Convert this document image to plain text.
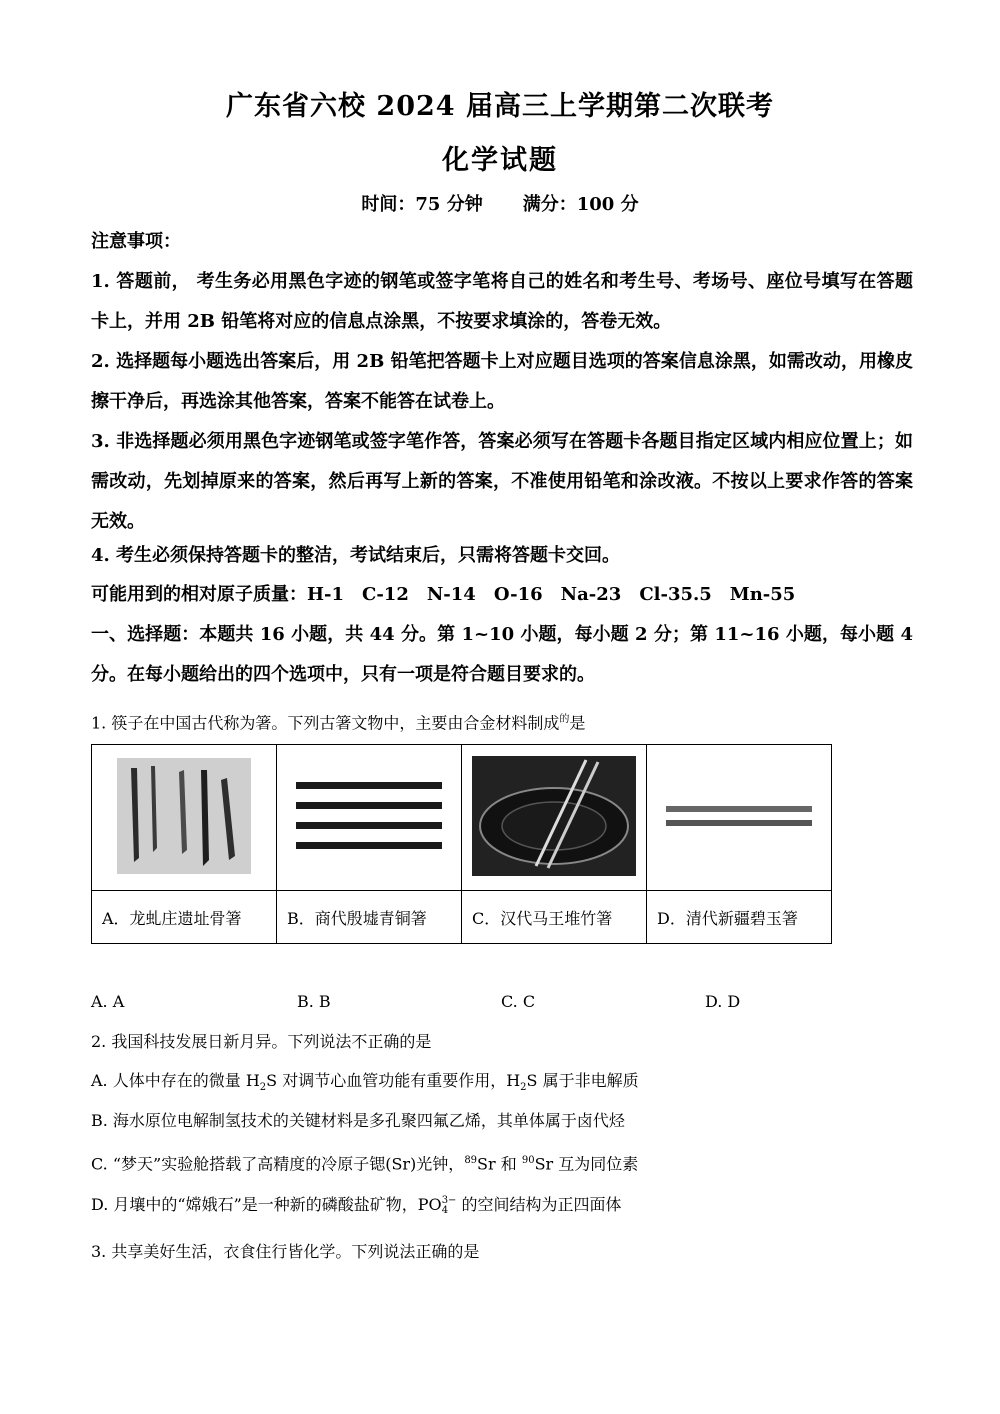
广东省六校 2024 届高三上学期第二次联考
化学试题
时间：75 分钟 满分：100 分
注意事项：
1. 答题前， 考生务必用黑色字迹的钢笔或签字笔将自己的姓名和考生号、考场号、座位号填写在答题卡上，并用 2B 铅笔将对应的信息点涂黑，不按要求填涂的，答卷无效。
2. 选择题每小题选出答案后，用 2B 铅笔把答题卡上对应题目选项的答案信息涂黑，如需改动，用橡皮擦干净后，再选涂其他答案，答案不能答在试卷上。
3. 非选择题必须用黑色字迹钢笔或签字笔作答，答案必须写在答题卡各题目指定区域内相应位置上；如需改动，先划掉原来的答案，然后再写上新的答案，不准使用铅笔和涂改液。不按以上要求作答的答案无效。
4. 考生必须保持答题卡的整洁，考试结束后，只需将答题卡交回。
可能用到的相对原子质量：H-1　C-12　N-14　O-16　Na-23　Cl-35.5　Mn-55
一、选择题：本题共 16 小题，共 44 分。第 1~10 小题，每小题 2 分；第 11~16 小题，每小题 4 分。在每小题给出的四个选项中，只有一项是符合题目要求的。
1. 筷子在中国古代称为箸。下列古箸文物中，主要由合金材料制成$^的$是

A．龙虬庄遗址骨箸	B．商代殷墟青铜箸	C．汉代马王堆竹箸	D．清代新疆碧玉箸
A. A	B. B	C. C	D. D
2. 我国科技发展日新月异。下列说法不正确的是
A. 人体中存在的微量 $H_2S$ 对调节心血管功能有重要作用，$H_2S$ 属于非电解质
B. 海水原位电解制氢技术的关键材料是多孔聚四氟乙烯，其单体属于卤代烃
C. “梦天”实验舱搭载了高精度的冷原子锶(Sr)光钟，$^{89}$Sr 和 $^{90}$Sr 互为同位素
D. 月壤中的“嫦娥石”是一种新的磷酸盐矿物，PO 3−
4 的空间结构为正四面体
3. 共享美好生活，衣食住行皆化学。下列说法正确的是
